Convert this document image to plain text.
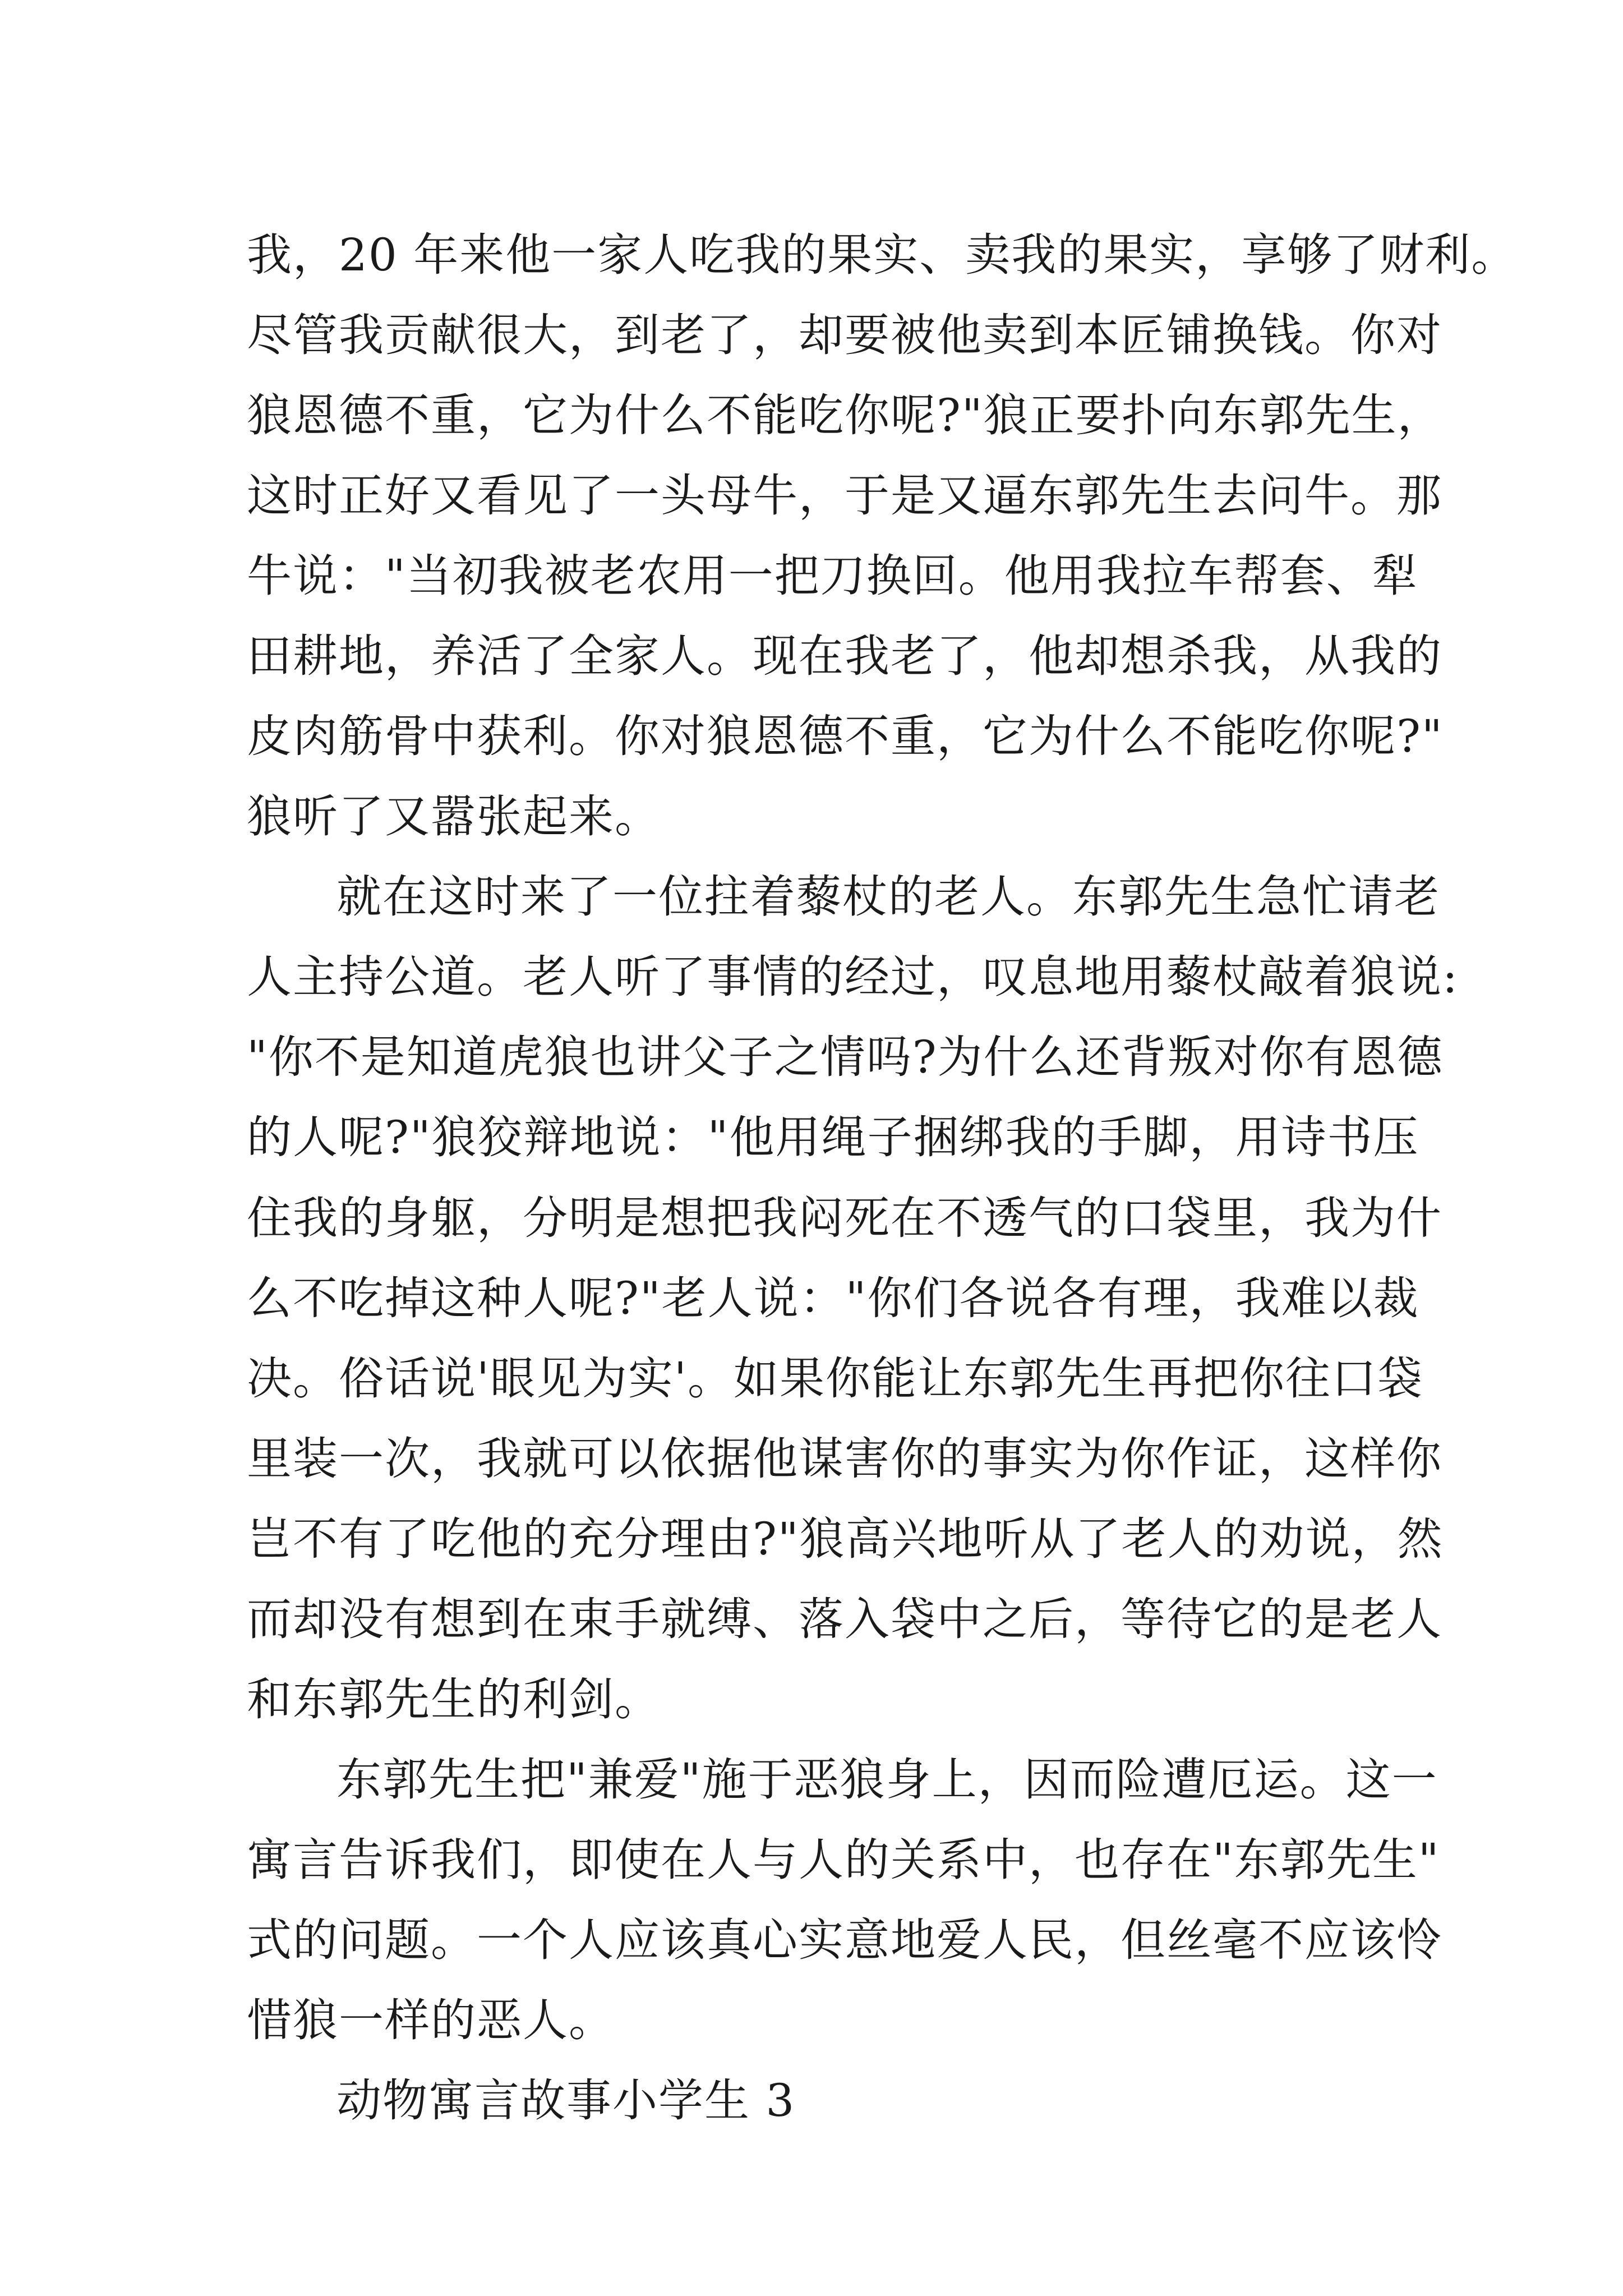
我，20 年来他一家人吃我的果实、卖我的果实，享够了财利。
尽管我贡献很大，到老了，却要被他卖到本匠铺换钱。你对
狼恩德不重，它为什么不能吃你呢?"狼正要扑向东郭先生，
这时正好又看见了一头母牛，于是又逼东郭先生去问牛。那
牛说："当初我被老农用一把刀换回。他用我拉车帮套、犁
田耕地，养活了全家人。现在我老了，他却想杀我，从我的
皮肉筋骨中获利。你对狼恩德不重，它为什么不能吃你呢?"
狼听了又嚣张起来。
就在这时来了一位拄着藜杖的老人。东郭先生急忙请老
人主持公道。老人听了事情的经过，叹息地用藜杖敲着狼说:
"你不是知道虎狼也讲父子之情吗?为什么还背叛对你有恩德
的人呢?"狼狡辩地说："他用绳子捆绑我的手脚，用诗书压
住我的身躯，分明是想把我闷死在不透气的口袋里，我为什
么不吃掉这种人呢?"老人说："你们各说各有理，我难以裁
决。俗话说'眼见为实'。如果你能让东郭先生再把你往口袋
里装一次，我就可以依据他谋害你的事实为你作证，这样你
岂不有了吃他的充分理由?"狼高兴地听从了老人的劝说，然
而却没有想到在束手就缚、落入袋中之后，等待它的是老人
和东郭先生的利剑。
东郭先生把"兼爱"施于恶狼身上，因而险遭厄运。这一
寓言告诉我们，即使在人与人的关系中，也存在"东郭先生"
式的问题。一个人应该真心实意地爱人民，但丝毫不应该怜
惜狼一样的恶人。
动物寓言故事小学生 3
